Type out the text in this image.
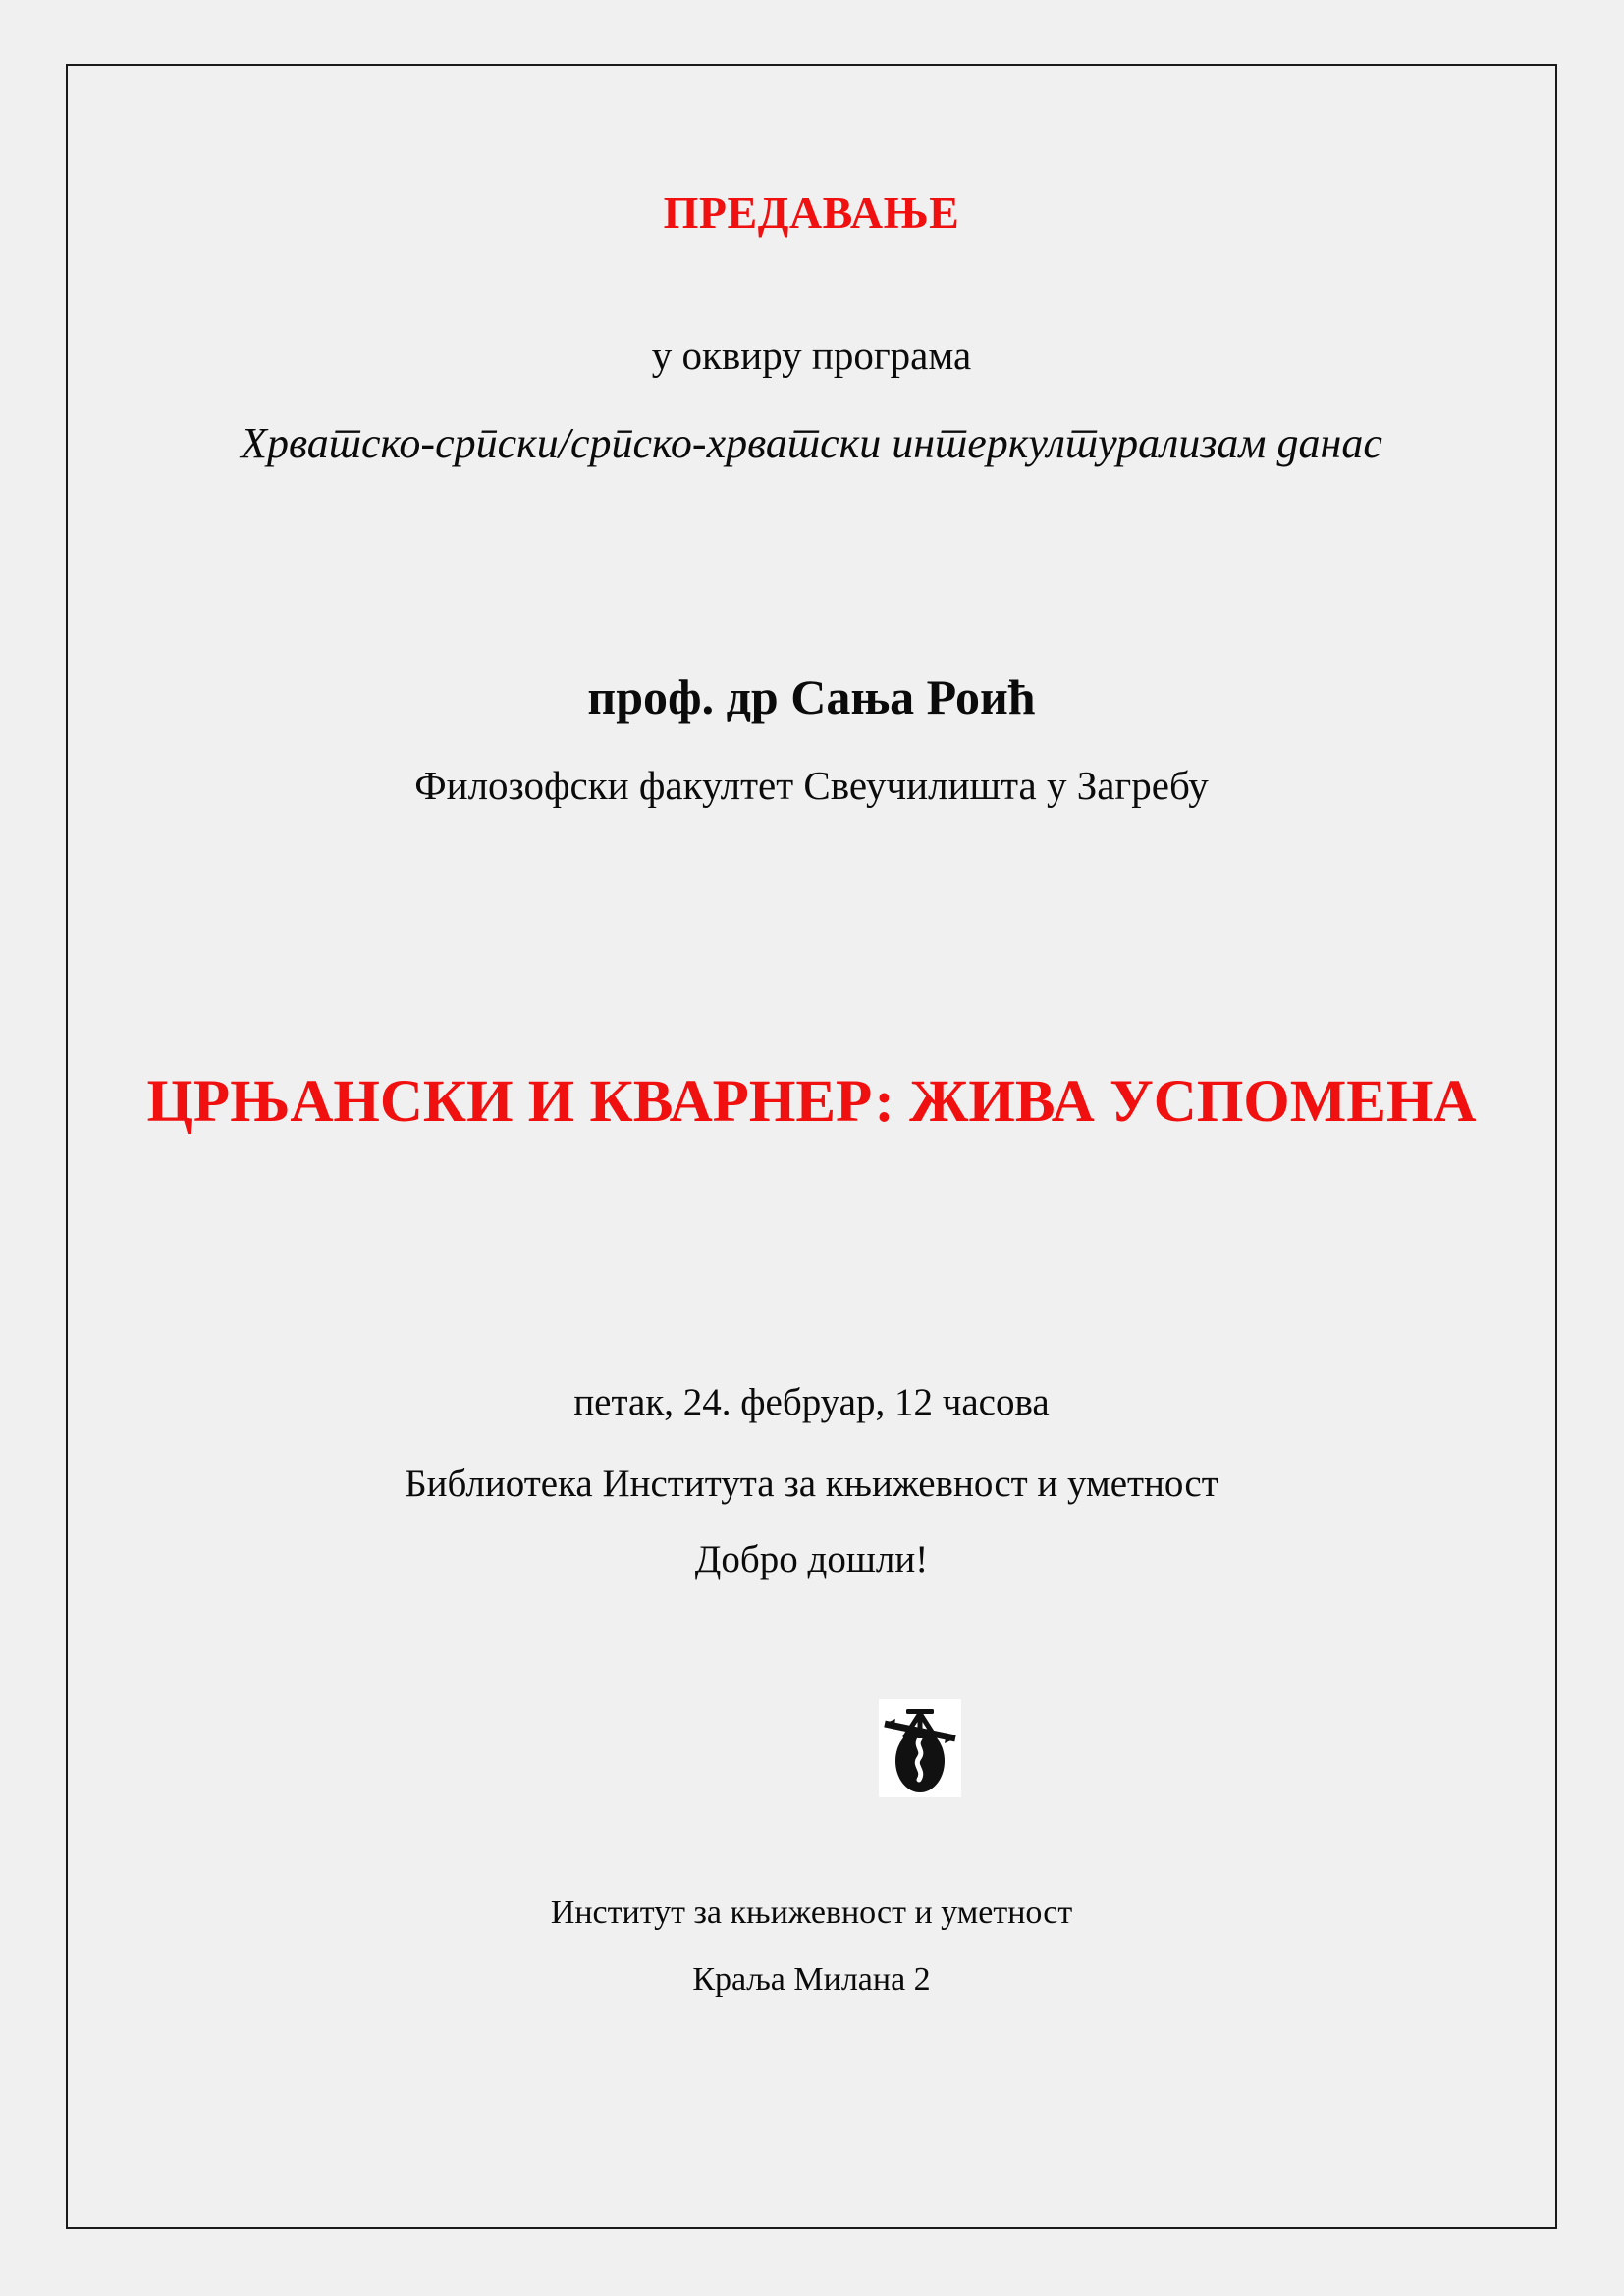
ПРЕДАВАЊЕ
у оквиру програма
Хрватско-српски/српско-хрватски интеркултурализам данас
проф. др Сања Роић
Филозофски факултет Свеучилишта у Загребу
ЦРЊАНСКИ И КВАРНЕР: ЖИВА УСПОМЕНА
петак, 24. фебруар, 12 часова
Библиотека Института за књижевност и уметност
Добро дошли!
Институт за књижевност и уметност
Краља Милана 2
